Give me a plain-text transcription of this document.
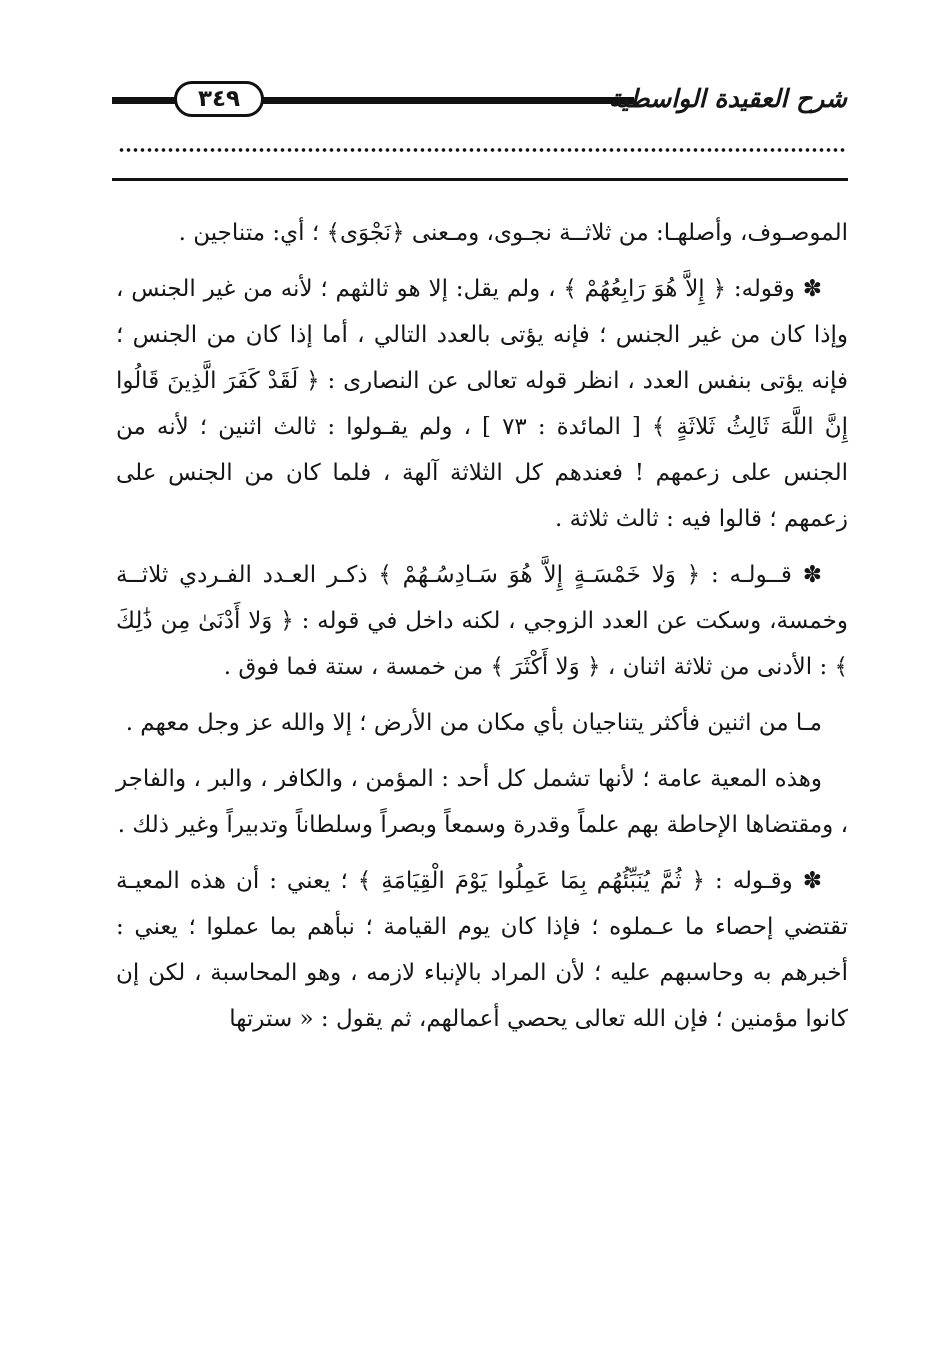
٣٤٩	شرح العقيدة الواسطية

الموصـوف، وأصلهـا: من ثلاثــة نجـوى، ومـعنى ﴿نَجْوَى﴾ ؛ أي: متناجين .

✽ وقوله: ﴿ إِلاَّ هُوَ رَابِعُهُمْ ﴾ ، ولم يقل: إلا هو ثالثهم ؛ لأنه من غير الجنس ، وإذا كان من غير الجنس ؛ فإنه يؤتى بالعدد التالي ، أما إذا كان من الجنس ؛ فإنه يؤتى بنفس العدد ، انظر قوله تعالى عن النصارى : ﴿ لَقَدْ كَفَرَ الَّذِينَ قَالُوا إِنَّ اللَّهَ ثَالِثُ ثَلاثَةٍ ﴾ [ المائدة : ٧٣ ] ، ولم يقـولوا : ثالث اثنين ؛ لأنه من الجنس على زعمهم ! فعندهم كل الثلاثة آلهة ، فلما كان من الجنس على زعمهم ؛ قالوا فيه : ثالث ثلاثة .

✽ قــولـه : ﴿ وَلا خَمْسَـةٍ إِلاَّ هُوَ سَـادِسُـهُمْ ﴾ ذكـر العـدد الفـردي ثلاثــة وخمسة، وسكت عن العدد الزوجي ، لكنه داخل في قوله : ﴿ وَلا أَدْنَىٰ مِن ذَٰلِكَ ﴾ : الأدنى من ثلاثة اثنان ، ﴿ وَلا أَكْثَرَ ﴾ من خمسة ، ستة فما فوق .

مـا من اثنين فأكثر يتناجيان بأي مكان من الأرض ؛ إلا والله عز وجل معهم .

وهذه المعية عامة ؛ لأنها تشمل كل أحد : المؤمن ، والكافر ، والبر ، والفاجر ، ومقتضاها الإحاطة بهم علماً وقدرة وسمعاً وبصراً وسلطاناً وتدبيراً وغير ذلك .

✽ وقـوله : ﴿ ثُمَّ يُنَبِّئُهُم بِمَا عَمِلُوا يَوْمَ الْقِيَامَةِ ﴾ ؛ يعني : أن هذه المعيـة تقتضي إحصاء ما عـملوه ؛ فإذا كان يوم القيامة ؛ نبأهم بما عملوا ؛ يعني : أخبرهم به وحاسبهم عليه ؛ لأن المراد بالإنباء لازمه ، وهو المحاسبة ، لكن إن كانوا مؤمنين ؛ فإن الله تعالى يحصي أعمالهم، ثم يقول : « سترتها
